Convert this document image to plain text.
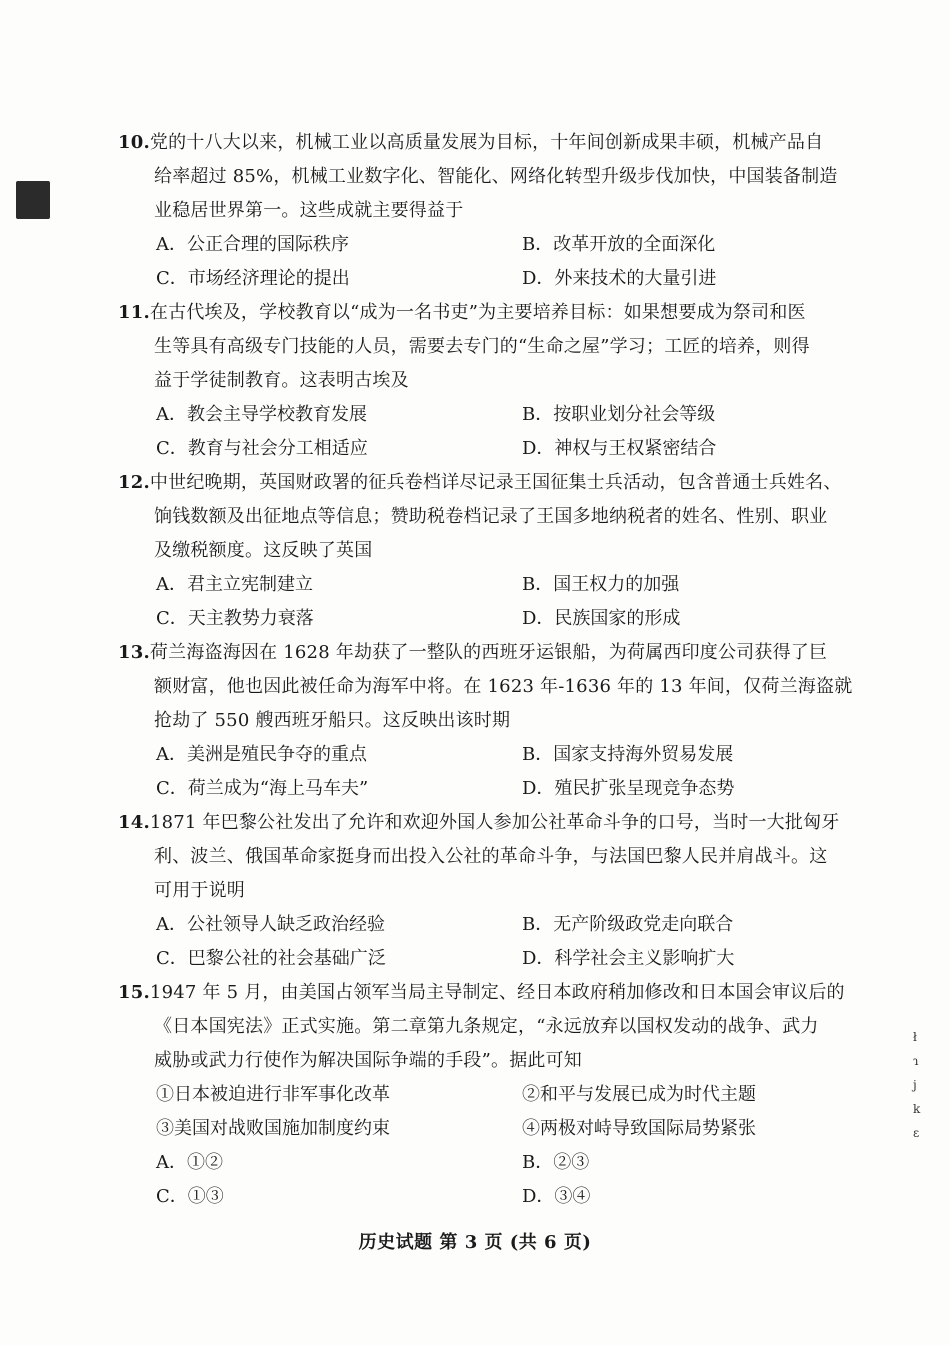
ł
ɿ
j
k
ɛ
10.党的十八大以来，机械工业以高质量发展为目标，十年间创新成果丰硕，机械产品自
给率超过 85%，机械工业数字化、智能化、网络化转型升级步伐加快，中国装备制造
业稳居世界第一。这些成就主要得益于
A．公正合理的国际秩序	B．改革开放的全面深化
C．市场经济理论的提出	D．外来技术的大量引进
11.在古代埃及，学校教育以“成为一名书吏”为主要培养目标：如果想要成为祭司和医
生等具有高级专门技能的人员，需要去专门的“生命之屋”学习；工匠的培养，则得
益于学徒制教育。这表明古埃及
A．教会主导学校教育发展	B．按职业划分社会等级
C．教育与社会分工相适应	D．神权与王权紧密结合
12.中世纪晚期，英国财政署的征兵卷档详尽记录王国征集士兵活动，包含普通士兵姓名、
饷钱数额及出征地点等信息；赞助税卷档记录了王国多地纳税者的姓名、性别、职业
及缴税额度。这反映了英国
A．君主立宪制建立	B．国王权力的加强
C．天主教势力衰落	D．民族国家的形成
13.荷兰海盗海因在 1628 年劫获了一整队的西班牙运银船，为荷属西印度公司获得了巨
额财富，他也因此被任命为海军中将。在 1623 年-1636 年的 13 年间，仅荷兰海盗就
抢劫了 550 艘西班牙船只。这反映出该时期
A．美洲是殖民争夺的重点	B．国家支持海外贸易发展
C．荷兰成为“海上马车夫”	D．殖民扩张呈现竞争态势
14.1871 年巴黎公社发出了允许和欢迎外国人参加公社革命斗争的口号，当时一大批匈牙
利、波兰、俄国革命家挺身而出投入公社的革命斗争，与法国巴黎人民并肩战斗。这
可用于说明
A．公社领导人缺乏政治经验	B．无产阶级政党走向联合
C．巴黎公社的社会基础广泛	D．科学社会主义影响扩大
15.1947 年 5 月，由美国占领军当局主导制定、经日本政府稍加修改和日本国会审议后的
《日本国宪法》正式实施。第二章第九条规定，“永远放弃以国权发动的战争、武力
威胁或武力行使作为解决国际争端的手段”。据此可知
①日本被迫进行非军事化改革	②和平与发展已成为时代主题
③美国对战败国施加制度约束	④两极对峙导致国际局势紧张
A．①②	B．②③
C．①③	D．③④
历史试题 第 3 页 (共 6 页)
